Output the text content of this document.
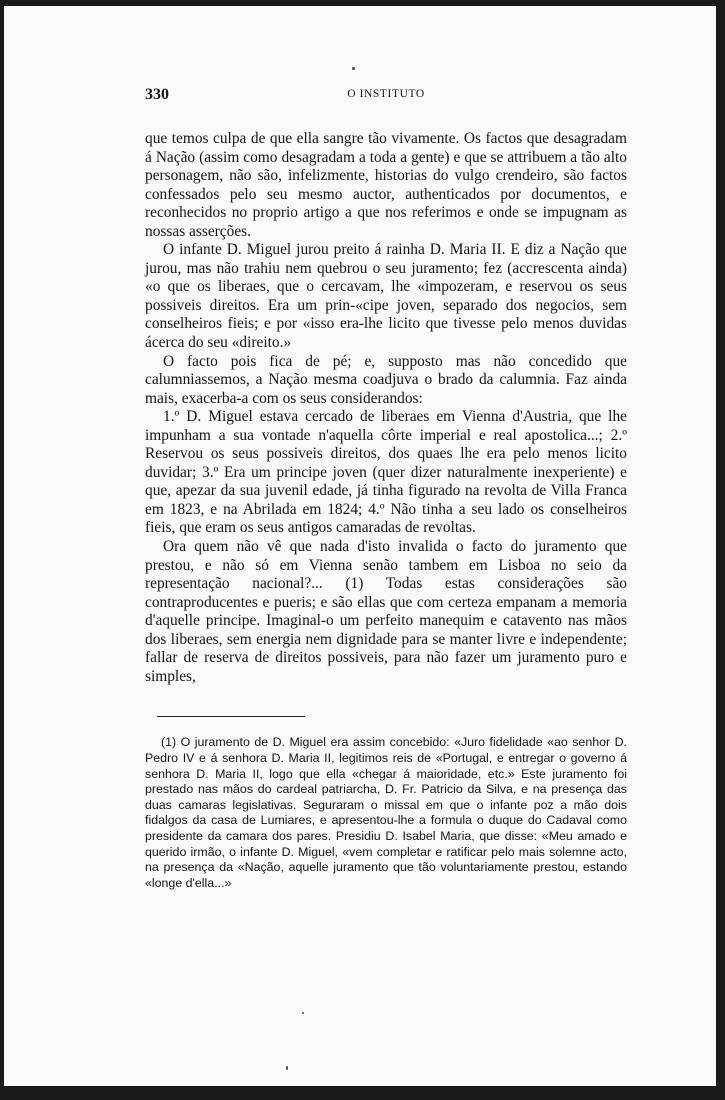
330	O INSTITUTO

que temos culpa de que ella sangre tão vivamente. Os factos que desagradam á Nação (assim como desagradam a toda a gente) e que se attribuem a tão alto personagem, não são, infelizmente, historias do vulgo crendeiro, são factos confessados pelo seu mesmo auctor, authenticados por documentos, e reconhecidos no proprio artigo a que nos referimos e onde se impugnam as nossas asserções.

O infante D. Miguel jurou preito á rainha D. Maria II. E diz a Nação que jurou, mas não trahiu nem quebrou o seu juramento; fez (accrescenta ainda) «o que os liberaes, que o cercavam, lhe «impozeram, e reservou os seus possiveis direitos. Era um prin-«cipe joven, separado dos negocios, sem conselheiros fieis; e por «isso era-lhe licito que tivesse pelo menos duvidas ácerca do seu «direito.»

O facto pois fica de pé; e, supposto mas não concedido que calumniassemos, a Nação mesma coadjuva o brado da calumnia. Faz ainda mais, exacerba-a com os seus considerandos:

1.º D. Miguel estava cercado de liberaes em Vienna d'Austria, que lhe impunham a sua vontade n'aquella côrte imperial e real apostolica...; 2.º Reservou os seus possiveis direitos, dos quaes lhe era pelo menos licito duvidar; 3.º Era um principe joven (quer dizer naturalmente inexperiente) e que, apezar da sua juvenil edade, já tinha figurado na revolta de Villa Franca em 1823, e na Abrilada em 1824; 4.º Não tinha a seu lado os conselheiros fieis, que eram os seus antigos camaradas de revoltas.

Ora quem não vê que nada d'isto invalida o facto do juramento que prestou, e não só em Vienna senão tambem em Lisboa no seio da representação nacional?... (1) Todas estas considerações são contraproducentes e pueris; e são ellas que com certeza empanam a memoria d'aquelle principe. Imaginal-o um perfeito manequim e catavento nas mãos dos liberaes, sem energia nem dignidade para se manter livre e independente; fallar de reserva de direitos possiveis, para não fazer um juramento puro e simples,

(1) O juramento de D. Miguel era assim concebido: «Juro fidelidade «ao senhor D. Pedro IV e á senhora D. Maria II, legitimos reis de «Portugal, e entregar o governo á senhora D. Maria II, logo que ella «chegar á maioridade, etc.» Este juramento foi prestado nas mãos do cardeal patriarcha, D. Fr. Patricio da Silva, e na presença das duas camaras legislativas. Seguraram o missal em que o infante poz a mão dois fidalgos da casa de Lumiares, e apresentou-lhe a formula o duque do Cadaval como presidente da camara dos pares. Presidiu D. Isabel Maria, que disse: «Meu amado e querido irmão, o infante D. Miguel, «vem completar e ratificar pelo mais solemne acto, na presença da «Nação, aquelle juramento que tão voluntariamente prestou, estando «longe d'ella...»
